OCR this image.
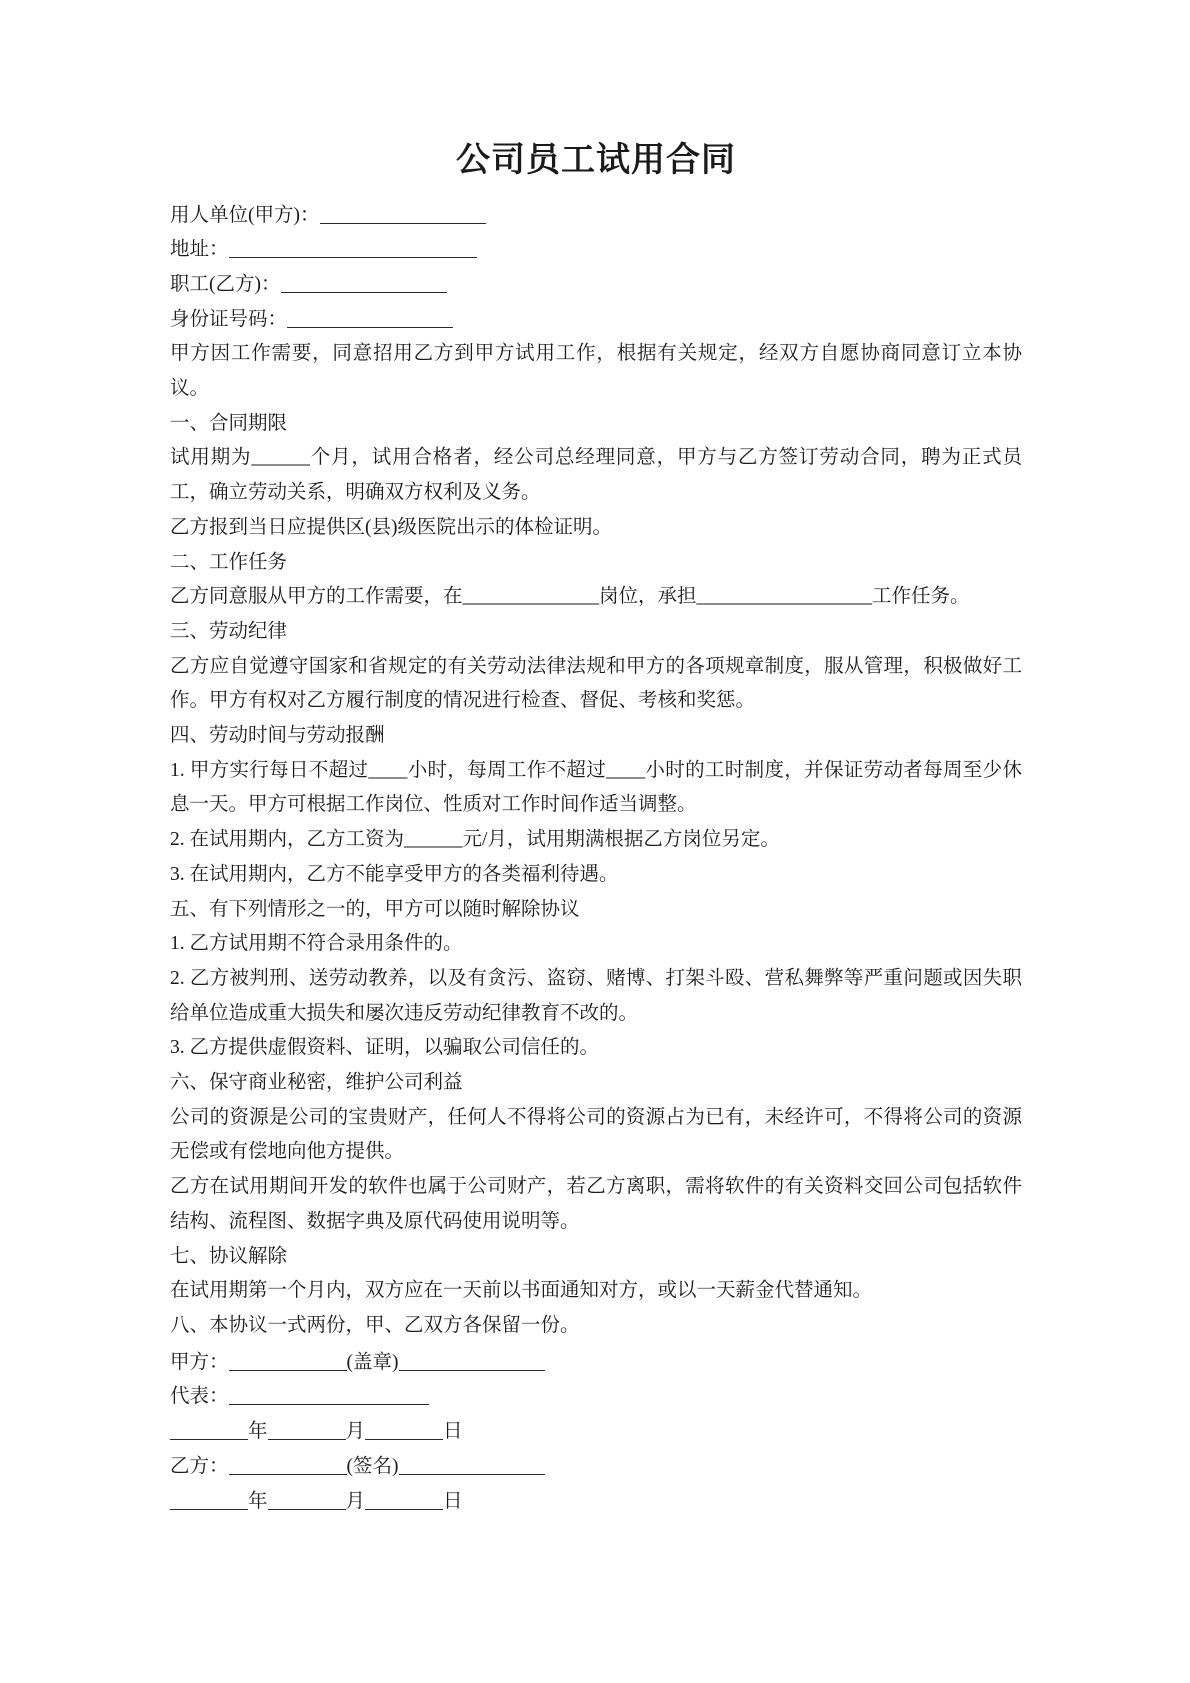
公司员工试用合同

用人单位(甲方)：

地址：

职工(乙方)：

身份证号码：

甲方因工作需要，同意招用乙方到甲方试用工作，根据有关规定，经双方自愿协商同意订立本协议。

一、合同期限

试用期为______个月，试用合格者，经公司总经理同意，甲方与乙方签订劳动合同，聘为正式员工，确立劳动关系，明确双方权利及义务。

乙方报到当日应提供区(县)级医院出示的体检证明。

二、工作任务

乙方同意服从甲方的工作需要，在______________岗位，承担__________________工作任务。

三、劳动纪律

乙方应自觉遵守国家和省规定的有关劳动法律法规和甲方的各项规章制度，服从管理，积极做好工作。甲方有权对乙方履行制度的情况进行检查、督促、考核和奖惩。

四、劳动时间与劳动报酬

1. 甲方实行每日不超过____小时，每周工作不超过____小时的工时制度，并保证劳动者每周至少休息一天。甲方可根据工作岗位、性质对工作时间作适当调整。

2. 在试用期内，乙方工资为______元/月，试用期满根据乙方岗位另定。

3. 在试用期内，乙方不能享受甲方的各类福利待遇。

五、有下列情形之一的，甲方可以随时解除协议

1. 乙方试用期不符合录用条件的。

2. 乙方被判刑、送劳动教养，以及有贪污、盗窃、赌博、打架斗殴、营私舞弊等严重问题或因失职给单位造成重大损失和屡次违反劳动纪律教育不改的。

3. 乙方提供虚假资料、证明，以骗取公司信任的。

六、保守商业秘密，维护公司利益

公司的资源是公司的宝贵财产，任何人不得将公司的资源占为已有，未经许可，不得将公司的资源无偿或有偿地向他方提供。

乙方在试用期间开发的软件也属于公司财产，若乙方离职，需将软件的有关资料交回公司包括软件结构、流程图、数据字典及原代码使用说明等。

七、协议解除

在试用期第一个月内，双方应在一天前以书面通知对方，或以一天薪金代替通知。

八、本协议一式两份，甲、乙双方各保留一份。

甲方：	(盖章)

代表：

年	月	日

乙方：	(签名)

年	月	日
